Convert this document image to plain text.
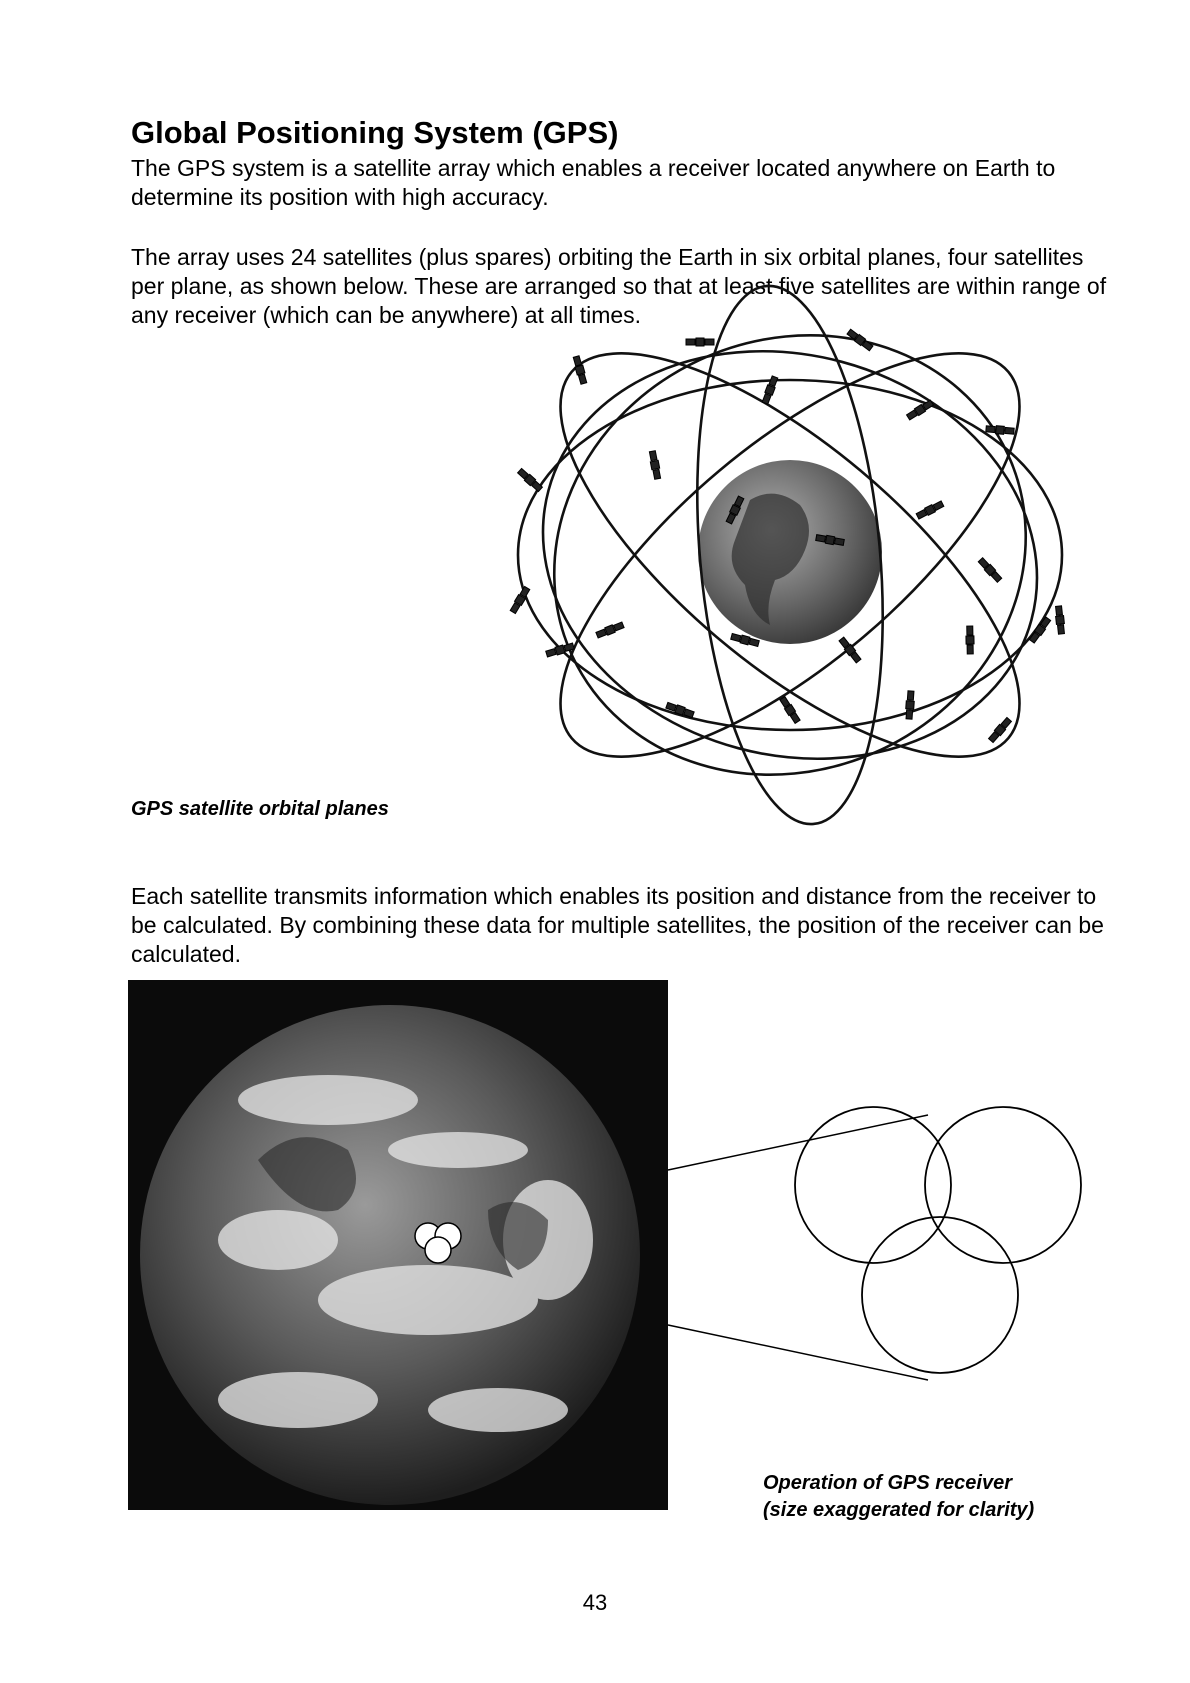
Global Positioning System (GPS)

The GPS system is a satellite array which enables a receiver located anywhere on Earth to determine its position with high accuracy.

The array uses 24 satellites (plus spares) orbiting the Earth in six orbital planes, four satellites per plane, as shown below. These are arranged so that at least five satellites are within range of any receiver (which can be anywhere) at all times.

GPS satellite orbital planes

Each satellite transmits information which enables its position and distance from the receiver to be calculated. By combining these data for multiple satellites, the position of the receiver can be calculated.

Operation of GPS receiver
(size exaggerated for clarity)
43
